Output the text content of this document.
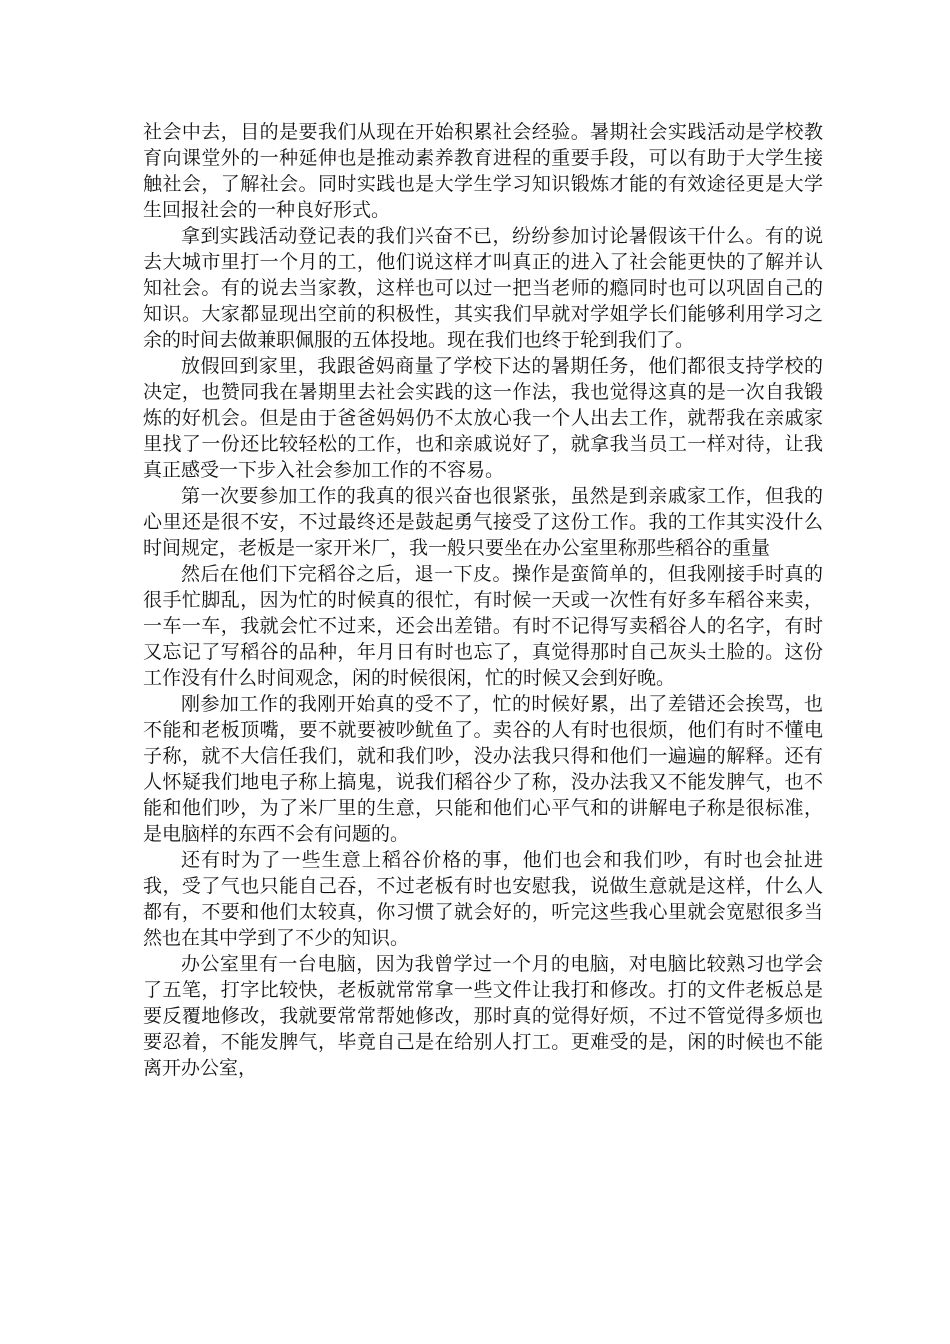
社会中去，目的是要我们从现在开始积累社会经验。暑期社会实践活动是学校教育向课堂外的一种延伸也是推动素养教育进程的重要手段，可以有助于大学生接触社会，了解社会。同时实践也是大学生学习知识锻炼才能的有效途径更是大学生回报社会的一种良好形式。

拿到实践活动登记表的我们兴奋不已，纷纷参加讨论暑假该干什么。有的说去大城市里打一个月的工，他们说这样才叫真正的进入了社会能更快的了解并认知社会。有的说去当家教，这样也可以过一把当老师的瘾同时也可以巩固自己的知识。大家都显现出空前的积极性，其实我们早就对学姐学长们能够利用学习之余的时间去做兼职佩服的五体投地。现在我们也终于轮到我们了。

放假回到家里，我跟爸妈商量了学校下达的暑期任务，他们都很支持学校的决定，也赞同我在暑期里去社会实践的这一作法，我也觉得这真的是一次自我锻炼的好机会。但是由于爸爸妈妈仍不太放心我一个人出去工作，就帮我在亲戚家里找了一份还比较轻松的工作，也和亲戚说好了，就拿我当员工一样对待，让我真正感受一下步入社会参加工作的不容易。

第一次要参加工作的我真的很兴奋也很紧张，虽然是到亲戚家工作，但我的心里还是很不安，不过最终还是鼓起勇气接受了这份工作。我的工作其实没什么时间规定，老板是一家开米厂，我一般只要坐在办公室里称那些稻谷的重量

然后在他们下完稻谷之后，退一下皮。操作是蛮简单的，但我刚接手时真的很手忙脚乱，因为忙的时候真的很忙，有时候一天或一次性有好多车稻谷来卖，一车一车，我就会忙不过来，还会出差错。有时不记得写卖稻谷人的名字，有时又忘记了写稻谷的品种，年月日有时也忘了，真觉得那时自己灰头土脸的。这份工作没有什么时间观念，闲的时候很闲，忙的时候又会到好晚。

刚参加工作的我刚开始真的受不了，忙的时候好累，出了差错还会挨骂，也不能和老板顶嘴，要不就要被吵鱿鱼了。卖谷的人有时也很烦，他们有时不懂电子称，就不大信任我们，就和我们吵，没办法我只得和他们一遍遍的解释。还有人怀疑我们地电子称上搞鬼，说我们稻谷少了称，没办法我又不能发脾气，也不能和他们吵，为了米厂里的生意，只能和他们心平气和的讲解电子称是很标准，是电脑样的东西不会有问题的。

还有时为了一些生意上稻谷价格的事，他们也会和我们吵，有时也会扯进我，受了气也只能自己吞，不过老板有时也安慰我，说做生意就是这样，什么人都有，不要和他们太较真，你习惯了就会好的，听完这些我心里就会宽慰很多当然也在其中学到了不少的知识。

办公室里有一台电脑，因为我曾学过一个月的电脑，对电脑比较熟习也学会了五笔，打字比较快，老板就常常拿一些文件让我打和修改。打的文件老板总是要反覆地修改，我就要常常帮她修改，那时真的觉得好烦，不过不管觉得多烦也要忍着，不能发脾气，毕竟自己是在给别人打工。更难受的是，闲的时候也不能离开办公室，
